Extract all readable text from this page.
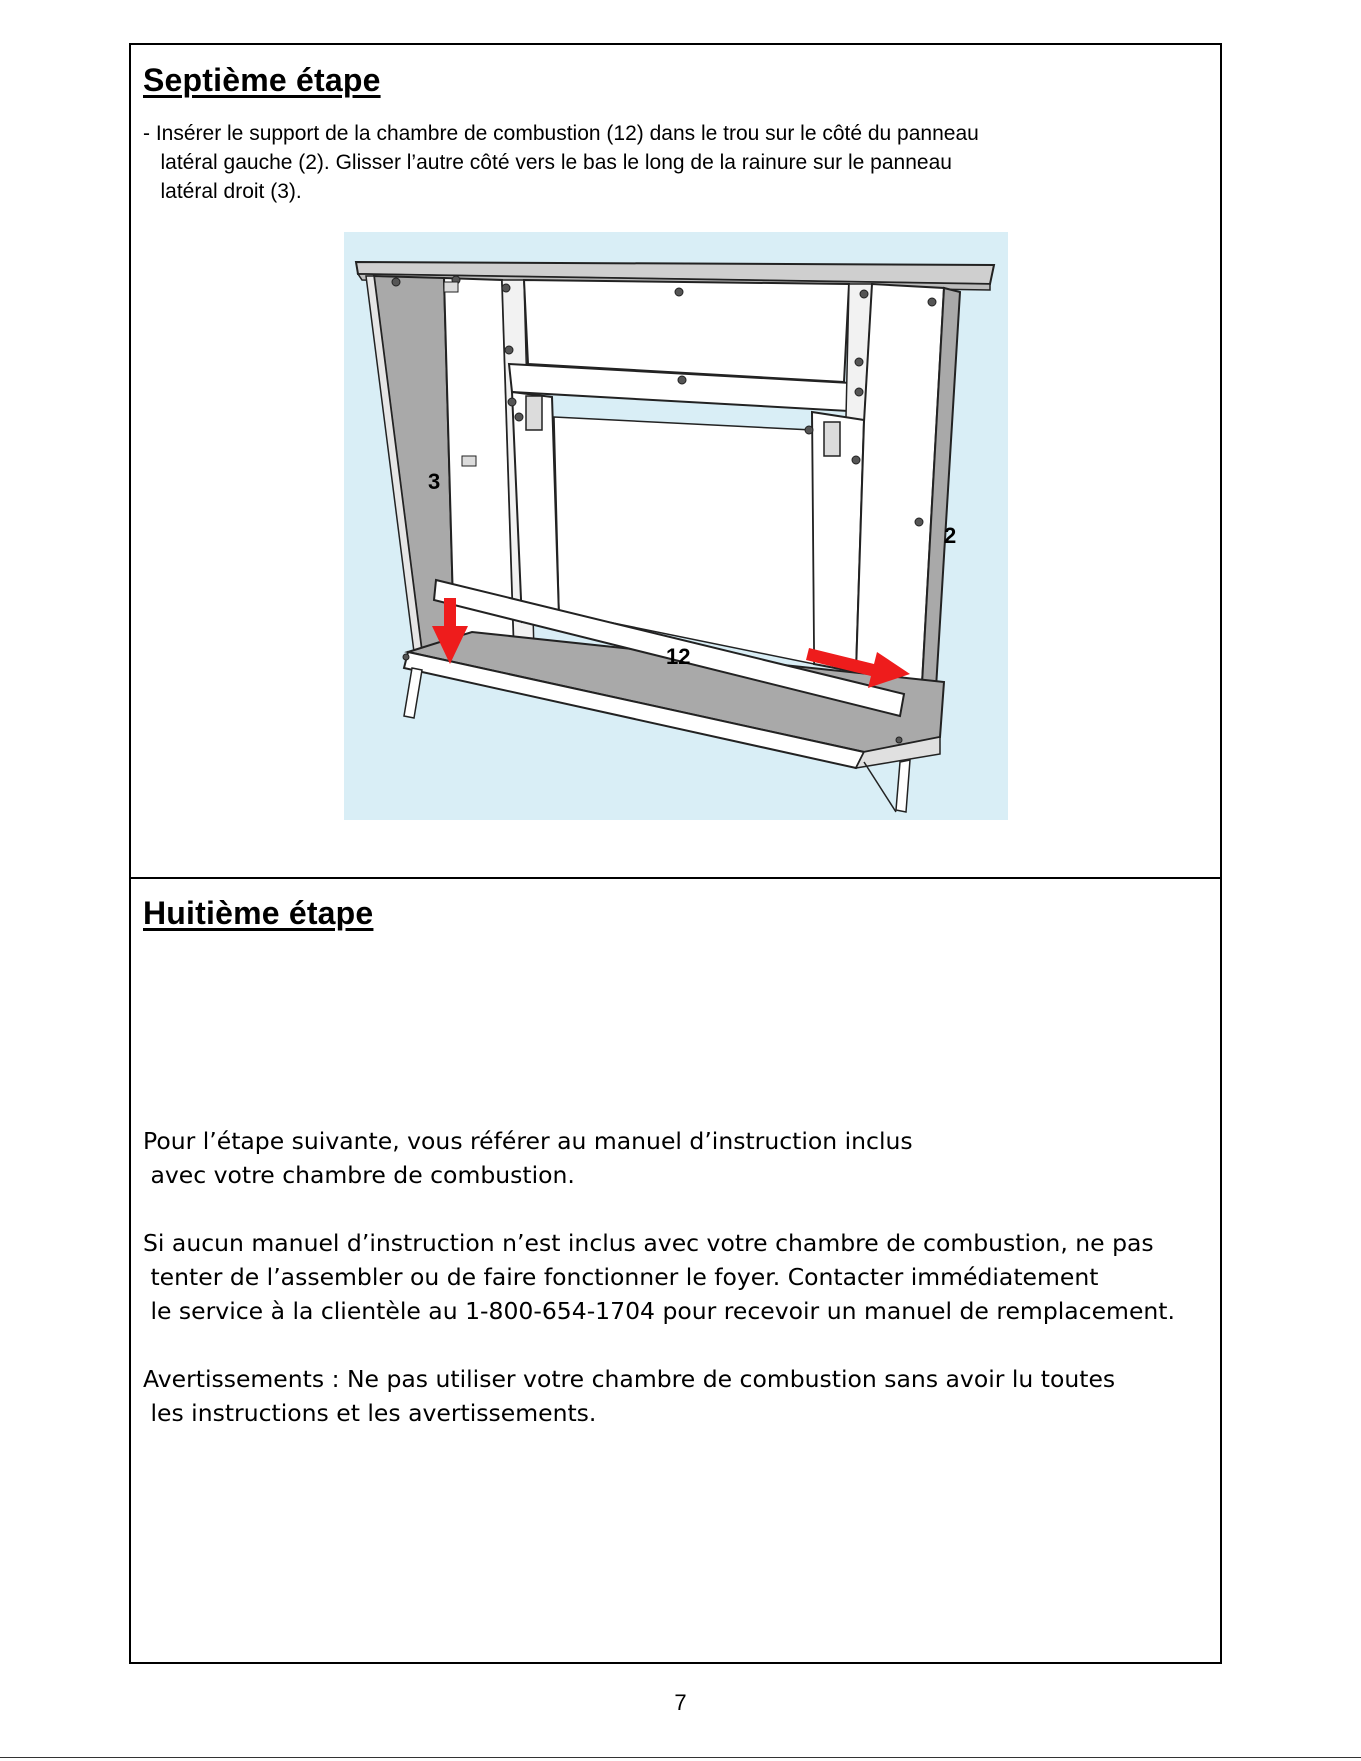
Septième étape
- Insérer le support de la chambre de combustion (12) dans le trou sur le côté du panneau
latéral gauche (2). Glisser l’autre côté vers le bas le long de la rainure sur le panneau
latéral droit (3).
3
2
12
Huitième étape
Pour l’étape suivante, vous référer au manuel d’instruction inclus
avec votre chambre de combustion.
Si aucun manuel d’instruction n’est inclus avec votre chambre de combustion, ne pas
tenter de l’assembler ou de faire fonctionner le foyer. Contacter immédiatement
le service à la clientèle au 1-800-654-1704 pour recevoir un manuel de remplacement.
Avertissements : Ne pas utiliser votre chambre de combustion sans avoir lu toutes
les instructions et les avertissements.
7
